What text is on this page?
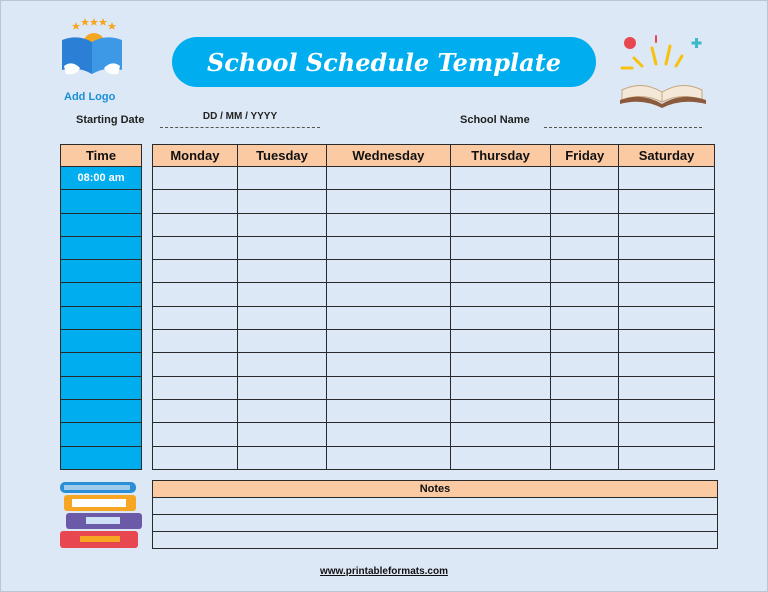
Add Logo
School Schedule Template
Starting Date	DD / MM / YYYY	School Name
Time
08:00 am

Monday	Tuesday	Wednesday	Thursday	Friday	Saturday

Notes

www.printableformats.com
